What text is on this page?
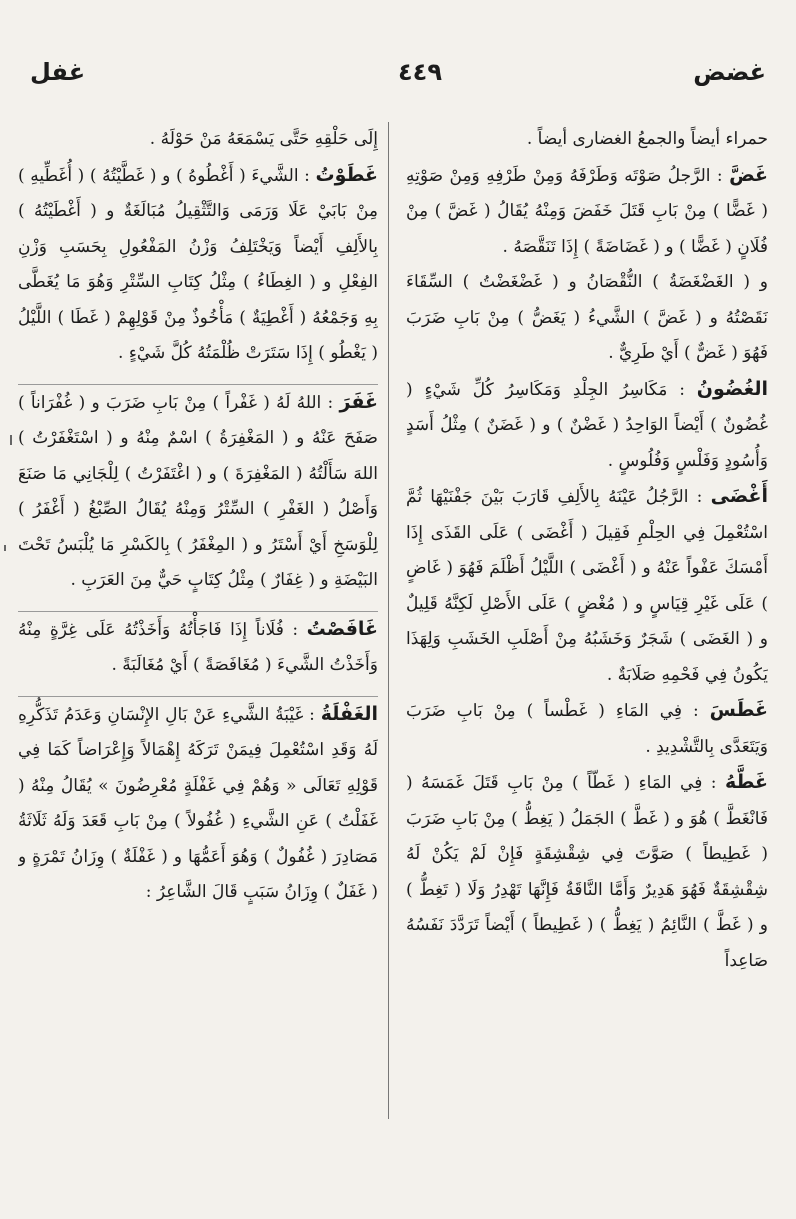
غضض
٤٤٩
غفل

حمراء أيضاً والجمعُ الغضارى أيضاً .

غَضَّ : الرَّجلُ صَوْتَه وَطَرْفَهُ وَمِنْ طَرْفِهِ وَمِنْ صَوْتِهِ ( غَضًّا ) مِنْ بَابِ قَتَلَ خَفَضَ وَمِنْهُ يُقَالُ ( غَضَّ ) مِنْ فُلَانٍ ( غَضًّا ) و ( غَضَاضَةً ) إِذَا تَنَقَّصَهُ .

و ( الغَضْغَضَةُ ) النُّقْصَانُ و ( غَضْغَضْتُ ) السِّقَاءَ نَقَصْتُهُ و ( غَضَّ ) الشَّيءُ ( يَغَضُّ ) مِنْ بَابِ ضَرَبَ فَهُوَ ( غَضٌّ ) أَيْ طَرِيٌّ .

الغُضُونُ : مَكَاسِرُ الجِلْدِ وَمَكَاسِرُ كُلِّ شَيْءٍ ( غُضُونٌ ) أَيْضاً الوَاحِدُ ( غَضْنٌ ) و ( غَضَنٌ ) مِثْلُ أَسَدٍ وَأُسُودٍ وَفَلْسٍ وَفُلُوسٍ .

أَغْضَى : الرَّجُلُ عَيْنَهُ بِالأَلِفِ قَارَبَ بَيْنَ جَفْنَيْهَا ثُمَّ اسْتُعْمِلَ فِي الحِلْمِ فَقِيلَ ( أَغْضَى ) عَلَى القَذَى إِذَا أَمْسَكَ عَفْواً عَنْهُ و ( أَغْضَى ) اللَّيْلُ أَظْلَمَ فَهُوَ ( غَاضٍ ) عَلَى غَيْرِ قِيَاسٍ و ( مُغْضٍ ) عَلَى الأَصْلِ لَكِنَّهُ قَلِيلٌ و ( الغَضَى ) شَجَرٌ وَخَشَبُهُ مِنْ أَصْلَبِ الخَشَبِ وَلِهَذَا يَكُونُ فِي فَحْمِهِ صَلَابَةٌ .

غَطَسَ : فِي المَاءِ ( غَطْساً ) مِنْ بَابِ ضَرَبَ وَيَتَعَدَّى بِالتَّشْدِيدِ .

غَطَّهُ : فِي المَاءِ ( غَطّاً ) مِنْ بَابِ قَتَلَ غَمَسَهُ ( فَانْغَطَّ ) هُوَ و ( غَطَّ ) الجَمَلُ ( يَغِطُّ ) مِنْ بَابِ ضَرَبَ ( غَطِيطاً ) صَوَّتَ فِي شِقْشِقَةٍ فَإِنْ لَمْ يَكُنْ لَهُ شِقْشِقَةٌ فَهُوَ هَدِيرٌ وَأَمَّا النَّاقَةُ فَإِنَّهَا تَهْدِرُ وَلَا ( تَغِطُّ ) و ( غَطَّ ) النَّائِمُ ( يَغِطُّ ) ( غَطِيطاً ) أَيْضاً تَرَدَّدَ نَفَسُهُ صَاعِداً

إِلَى حَلْقِهِ حَتَّى يَسْمَعَهُ مَنْ حَوْلَهُ .

غَطَوْتُ : الشَّيءَ ( أَغْطُوهُ ) و ( غَطَّيْتُهُ ) ( أُغَطِّيهِ ) مِنْ بَابَيْ عَلَا وَرَمَى وَالتَّثْقِيلُ مُبَالَغَةٌ و ( أَغْطَيْتُهُ ) بِالأَلِفِ أَيْضاً وَيَخْتَلِفُ وَزْنُ المَفْعُولِ بِحَسَبِ وَزْنِ الفِعْلِ و ( الغِطَاءُ ) مِثْلُ كِتَابِ السِّتْرِ وَهُوَ مَا يُغَطَّى بِهِ وَجَمْعُهُ ( أَغْطِيَةٌ ) مَأْخُوذٌ مِنْ قَوْلِهِمْ ( غَطَا ) اللَّيْلُ ( يَغْطُو ) إِذَا سَتَرَتْ ظُلْمَتُهُ كُلَّ شَيْءٍ .

غَفَرَ : اللهُ لَهُ ( غَفْراً ) مِنْ بَابِ ضَرَبَ و ( غُفْرَاناً ) صَفَحَ عَنْهُ و ( المَغْفِرَةُ ) اسْمٌ مِنْهُ و ( اسْتَغْفَرْتُ ) اللهَ سَأَلْتُهُ ( المَغْفِرَةَ ) و ( اغْتَفَرْتُ ) لِلْجَانِي مَا صَنَعَ وَأَصْلُ ( الغَفْرِ ) السِّتْرُ وَمِنْهُ يُقَالُ الصِّبْغُ ( أَغْفَرُ ) لِلْوَسَخِ أَيْ أَسْتَرُ و ( المِغْفَرُ ) بِالكَسْرِ مَا يُلْبَسُ تَحْتَ البَيْضَةِ و ( غِفَارٌ ) مِثْلُ كِتَابٍ حَيٌّ مِنَ العَرَبِ .

غَافَصْتُ : فُلَاناً إِذَا فَاجَأْتُهُ وَأَخَذْتُهُ عَلَى غِرَّةٍ مِنْهُ وَأَخَذْتُ الشَّيءَ ( مُغَافَصَةً ) أَيْ مُغَالَبَةً .

الغَفْلَةُ : غَيْبَةُ الشَّيءِ عَنْ بَالِ الإِنْسَانِ وَعَدَمُ تَذَكُّرِهِ لَهُ وَقَدِ اسْتُعْمِلَ فِيمَنْ تَرَكَهُ إِهْمَالاً وَإِعْرَاضاً كَمَا فِي قَوْلِهِ تَعَالَى « وَهُمْ فِي غَفْلَةٍ مُعْرِضُونَ » يُقَالُ مِنْهُ ( غَفَلْتُ ) عَنِ الشَّيءِ ( غُفُولاً ) مِنْ بَابِ قَعَدَ وَلَهُ ثَلَاثَةُ مَصَادِرَ ( غُفُولٌ ) وَهُوَ أَعَمُّهَا و ( غَفْلَةٌ ) وِزَانُ تَمْرَةٍ و ( غَفَلٌ ) وِزَانُ سَبَبٍ قَالَ الشَّاعِرُ :
